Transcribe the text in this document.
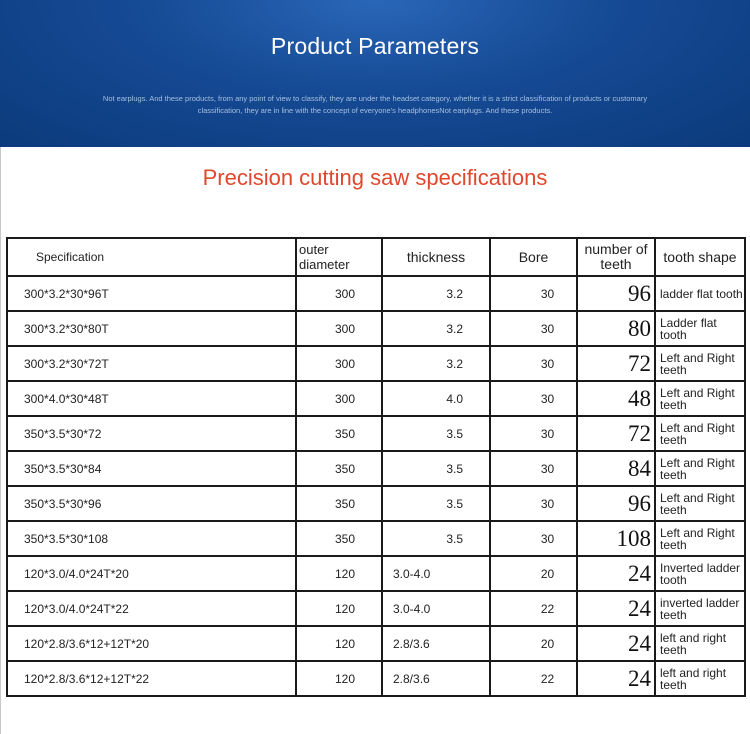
Product Parameters
Not earplugs. And these products, from any point of view to classify, they are under the headset category, whether it is a strict classification of products or customary classification, they are in line with the concept of everyone's headphonesNot earplugs. And these products.
Precision cutting saw specifications
Specification	outer diameter	thickness	Bore	number of teeth	tooth shape
300*3.2*30*96T	300	3.2	30	96	ladder flat tooth
300*3.2*30*80T	300	3.2	30	80	Ladder flat tooth
300*3.2*30*72T	300	3.2	30	72	Left and Right teeth
300*4.0*30*48T	300	4.0	30	48	Left and Right teeth
350*3.5*30*72	350	3.5	30	72	Left and Right teeth
350*3.5*30*84	350	3.5	30	84	Left and Right teeth
350*3.5*30*96	350	3.5	30	96	Left and Right teeth
350*3.5*30*108	350	3.5	30	108	Left and Right teeth
120*3.0/4.0*24T*20	120	3.0-4.0	20	24	Inverted ladder tooth
120*3.0/4.0*24T*22	120	3.0-4.0	22	24	inverted ladder teeth
120*2.8/3.6*12+12T*20	120	2.8/3.6	20	24	left and right teeth
120*2.8/3.6*12+12T*22	120	2.8/3.6	22	24	left and right teeth
